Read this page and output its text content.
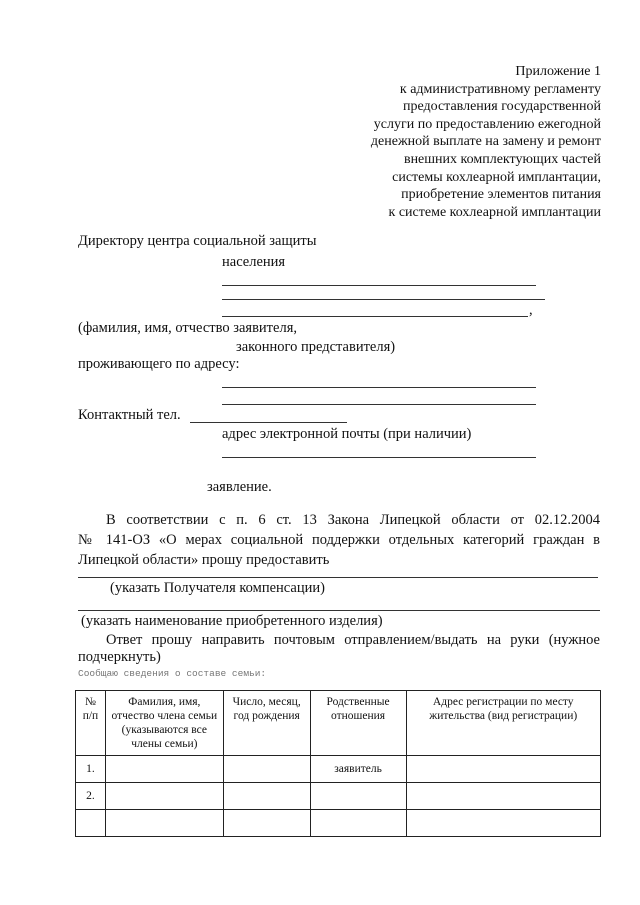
Приложение 1
к административному регламенту
предоставления государственной
услуги по предоставлению ежегодной
денежной выплате на замену и ремонт
внешних комплектующих частей
системы кохлеарной имплантации,
приобретение элементов питания
к системе кохлеарной имплантации
Директору центра социальной защиты
населения
,
(фамилия, имя, отчество заявителя,
законного представителя)
проживающего по адресу:
Контактный тел.
адрес электронной почты (при наличии)
заявление.
В соответствии с п. 6 ст. 13 Закона Липецкой области от 02.12.2004
№ 141-ОЗ «О мерах социальной поддержки отдельных категорий граждан в
Липецкой области» прошу предоставить
(указать Получателя компенсации)
(указать наименование приобретенного изделия)
Ответ прошу направить почтовым отправлением/выдать на руки (нужное
подчеркнуть)
Сообщаю сведения о составе семьи:
№ п/п	Фамилия, имя, отчество члена семьи (указываются все члены семьи)	Число, месяц, год рождения	Родственные отношения	Адрес регистрации по месту жительства (вид регистрации)
1.			заявитель	
2.				
